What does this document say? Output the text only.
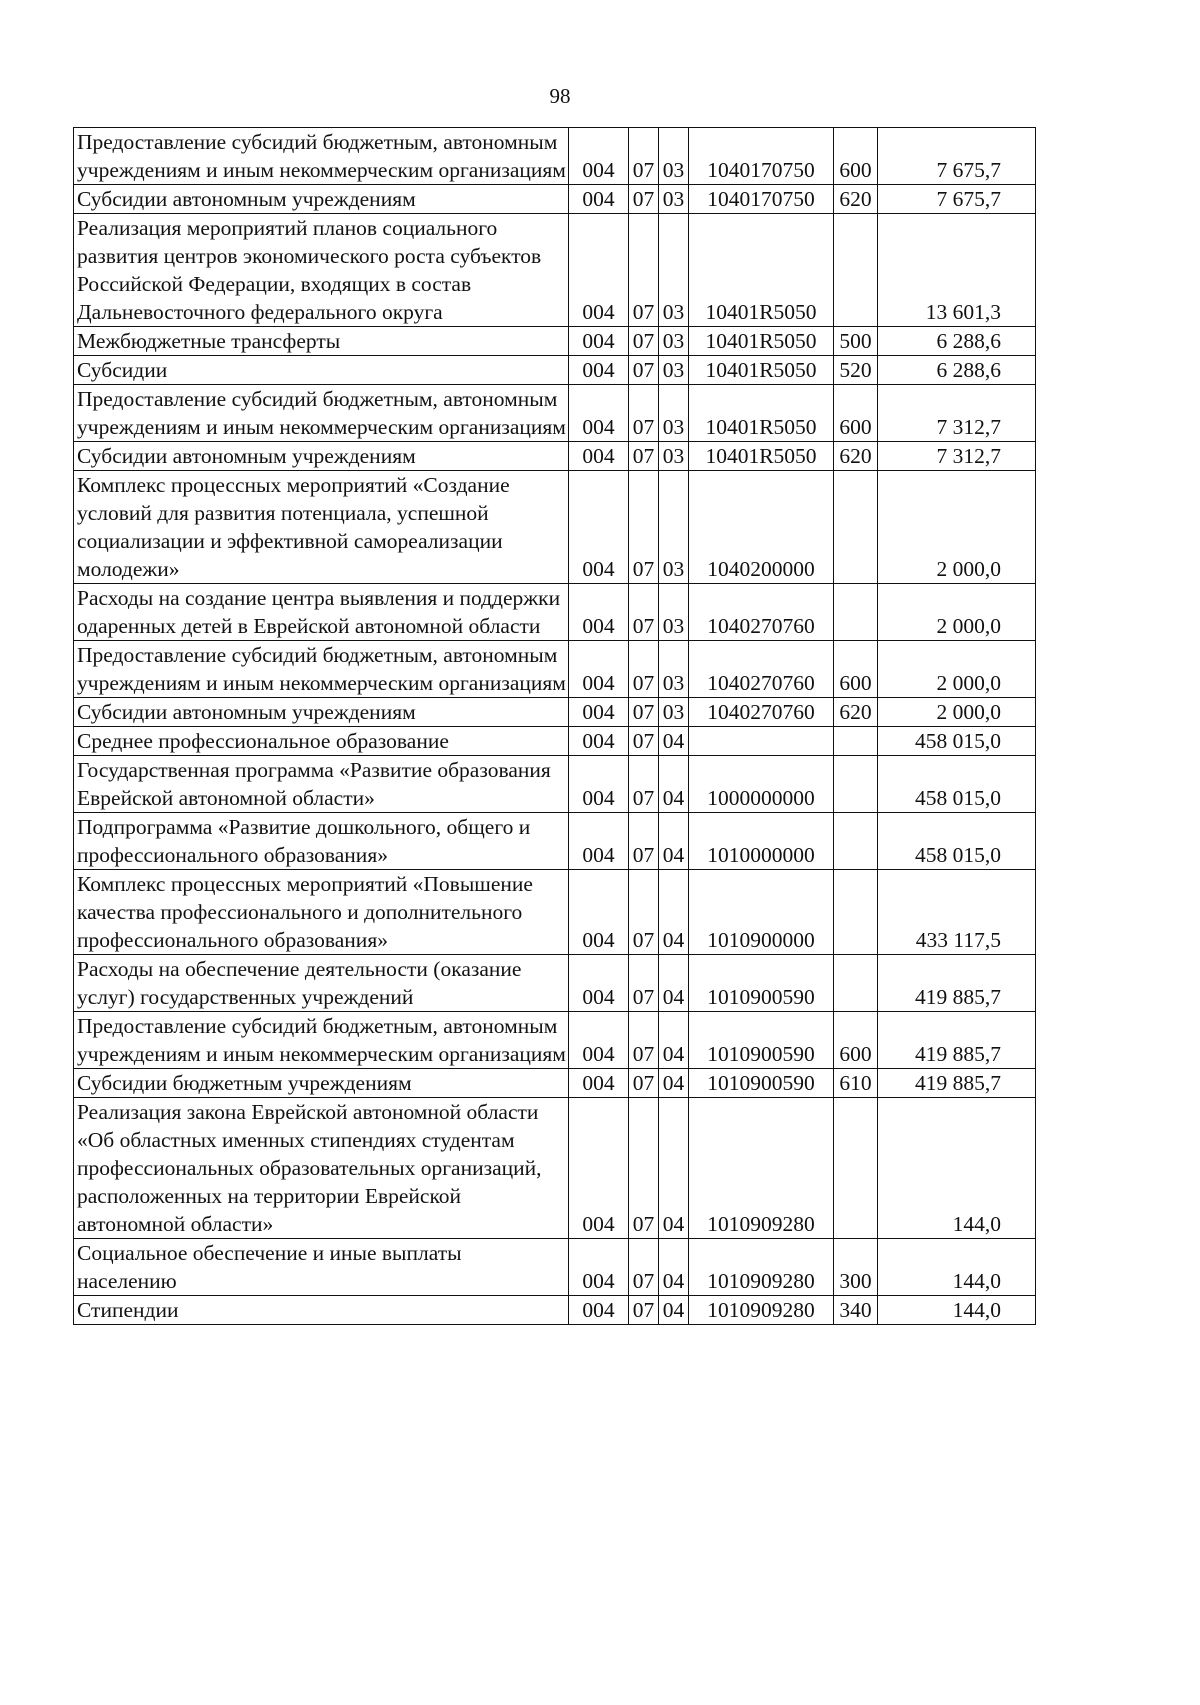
98
Предоставление субсидий бюджетным, автономным учреждениям и иным некоммерческим организациям	004	07	03	1040170750	600	7 675,7
Субсидии автономным учреждениям	004	07	03	1040170750	620	7 675,7
Реализация мероприятий планов социального развития центров экономического роста субъектов Российской Федерации, входящих в состав Дальневосточного федерального округа	004	07	03	10401R5050		13 601,3
Межбюджетные трансферты	004	07	03	10401R5050	500	6 288,6
Субсидии	004	07	03	10401R5050	520	6 288,6
Предоставление субсидий бюджетным, автономным учреждениям и иным некоммерческим организациям	004	07	03	10401R5050	600	7 312,7
Субсидии автономным учреждениям	004	07	03	10401R5050	620	7 312,7
Комплекс процессных мероприятий «Создание условий для развития потенциала, успешной социализации и эффективной самореализации молодежи»	004	07	03	1040200000		2 000,0
Расходы на создание центра выявления и поддержки одаренных детей в Еврейской автономной области	004	07	03	1040270760		2 000,0
Предоставление субсидий бюджетным, автономным учреждениям и иным некоммерческим организациям	004	07	03	1040270760	600	2 000,0
Субсидии автономным учреждениям	004	07	03	1040270760	620	2 000,0
Среднее профессиональное образование	004	07	04			458 015,0
Государственная программа «Развитие образования Еврейской автономной области»	004	07	04	1000000000		458 015,0
Подпрограмма «Развитие дошкольного, общего и профессионального образования»	004	07	04	1010000000		458 015,0
Комплекс процессных мероприятий «Повышение качества профессионального и дополнительного профессионального образования»	004	07	04	1010900000		433 117,5
Расходы на обеспечение деятельности (оказание услуг) государственных учреждений	004	07	04	1010900590		419 885,7
Предоставление субсидий бюджетным, автономным учреждениям и иным некоммерческим организациям	004	07	04	1010900590	600	419 885,7
Субсидии бюджетным учреждениям	004	07	04	1010900590	610	419 885,7
Реализация закона Еврейской автономной области «Об областных именных стипендиях студентам профессиональных образовательных организаций, расположенных на территории Еврейской автономной области»	004	07	04	1010909280		144,0
Социальное обеспечение и иные выплаты населению	004	07	04	1010909280	300	144,0
Стипендии	004	07	04	1010909280	340	144,0
